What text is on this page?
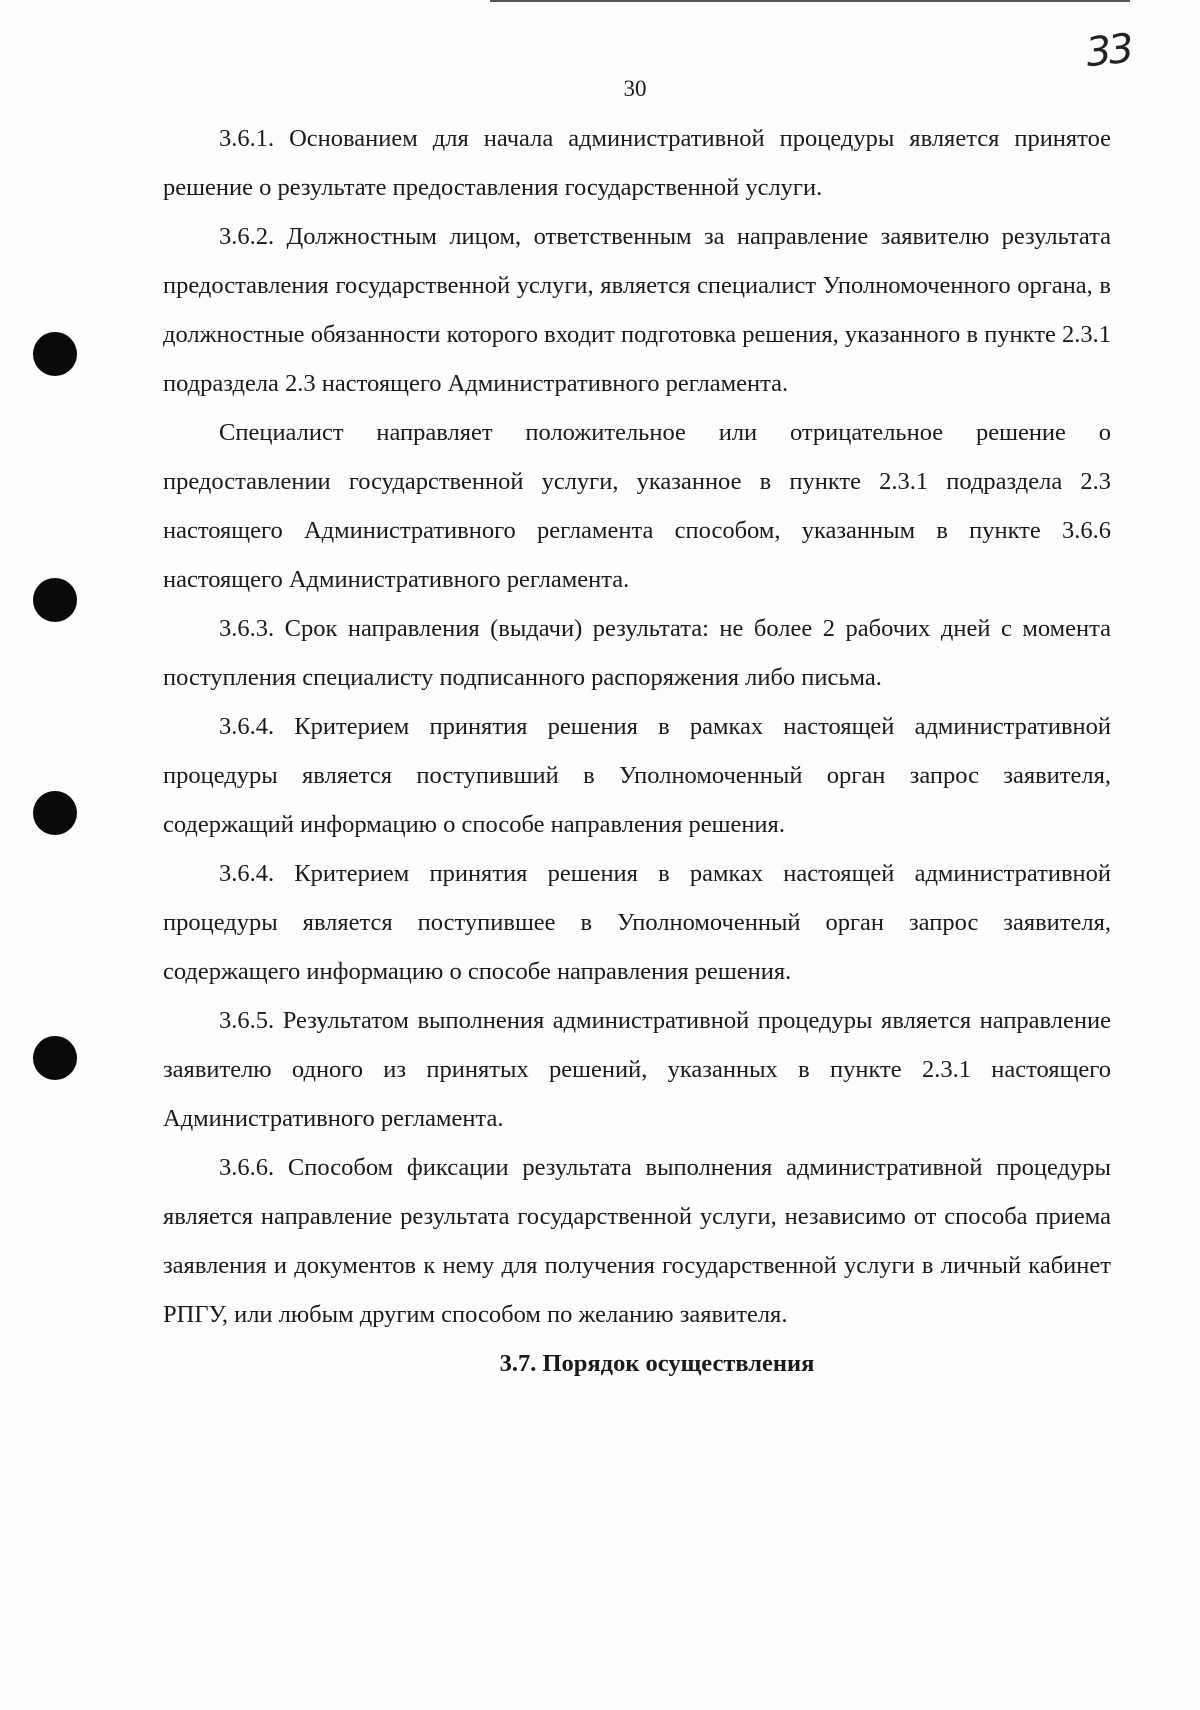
33
30

3.6.1. Основанием для начала административной процедуры является принятое решение о результате предоставления государственной услуги.

3.6.2. Должностным лицом, ответственным за направление заявителю результата предоставления государственной услуги, является специалист Уполномоченного органа, в должностные обязанности которого входит подготовка решения, указанного в пункте 2.3.1 подраздела 2.3 настоящего Административного регламента.

Специалист направляет положительное или отрицательное решение о предоставлении государственной услуги, указанное в пункте 2.3.1 подраздела 2.3 настоящего Административного регламента способом, указанным в пункте 3.6.6 настоящего Административного регламента.

3.6.3. Срок направления (выдачи) результата: не более 2 рабочих дней с момента поступления специалисту подписанного распоряжения либо письма.

3.6.4. Критерием принятия решения в рамках настоящей административной процедуры является поступивший в Уполномоченный орган запрос заявителя, содержащий информацию о способе направления решения.

3.6.4. Критерием принятия решения в рамках настоящей административной процедуры является поступившее в Уполномоченный орган запрос заявителя, содержащего информацию о способе направления решения.

3.6.5. Результатом выполнения административной процедуры является направление заявителю одного из принятых решений, указанных в пункте 2.3.1 настоящего Административного регламента.

3.6.6. Способом фиксации результата выполнения административной процедуры является направление результата государственной услуги, независимо от способа приема заявления и документов к нему для получения государственной услуги в личный кабинет РПГУ, или любым другим способом по желанию заявителя.

3.7. Порядок осуществления
